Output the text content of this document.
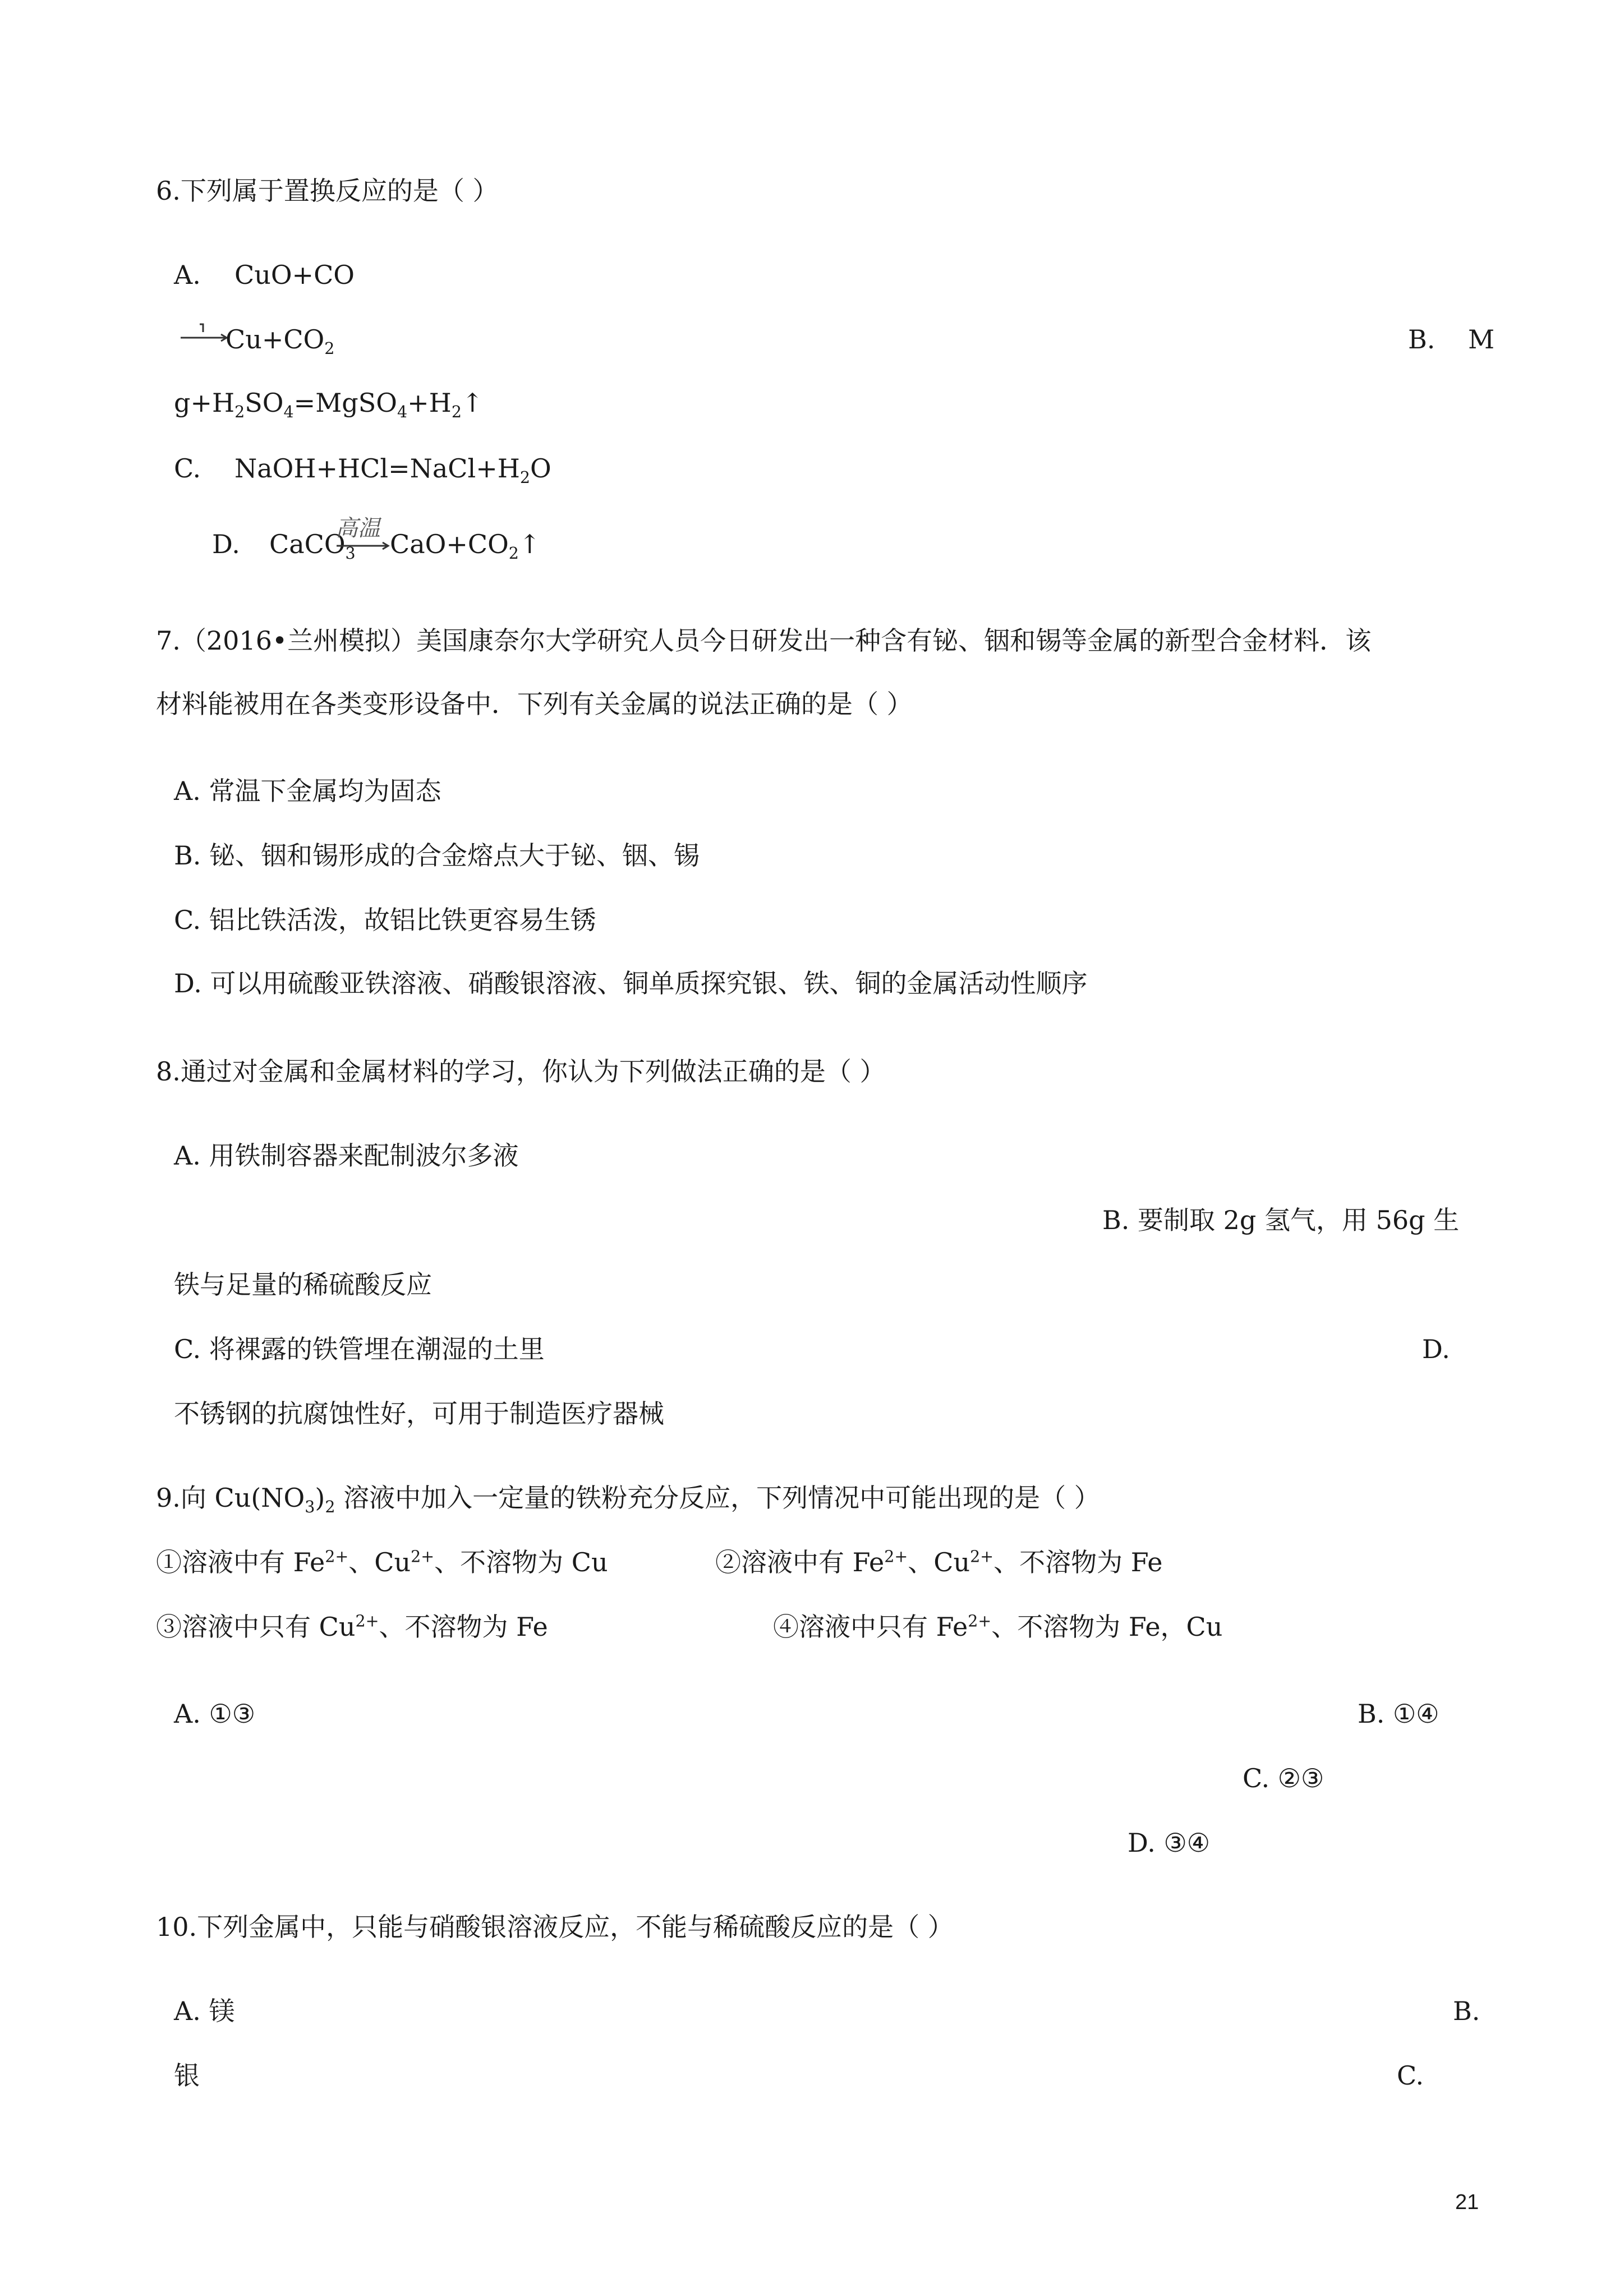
6.下列属于置换反应的是（ ）
A. CuO+CO
$Cu+CO_2$	B. M
$g+H_2SO_4=MgSO_4+H_2↑$
C. $NaOH+HCl=NaCl+H_2O$
D. CaCO$_3$
高温
$CaO+CO_2↑$
7.（2016•兰州模拟）美国康奈尔大学研究人员今日研发出一种含有铋、铟和锡等金属的新型合金材料．该
材料能被用在各类变形设备中．下列有关金属的说法正确的是（ ）
A. 常温下金属均为固态
B. 铋、铟和锡形成的合金熔点大于铋、铟、锡
C. 铝比铁活泼，故铝比铁更容易生锈
D. 可以用硫酸亚铁溶液、硝酸银溶液、铜单质探究银、铁、铜的金属活动性顺序
8.通过对金属和金属材料的学习，你认为下列做法正确的是（ ）
A. 用铁制容器来配制波尔多液
B. 要制取 2g 氢气，用 56g 生
铁与足量的稀硫酸反应
C. 将裸露的铁管埋在潮湿的土里	D.
不锈钢的抗腐蚀性好，可用于制造医疗器械
9.向 $Cu(NO_3)_2$ 溶液中加入一定量的铁粉充分反应，下列情况中可能出现的是（ ）
①溶液中有 $Fe^{2+}$、$Cu^{2+}$、不溶物为 Cu	②溶液中有 $Fe^{2+}$、$Cu^{2+}$、不溶物为 Fe
③溶液中只有 $Cu^{2+}$、不溶物为 Fe	④溶液中只有 $Fe^{2+}$、不溶物为 Fe，Cu
A. ①③	B. ①④
C. ②③
D. ③④
10.下列金属中，只能与硝酸银溶液反应，不能与稀硫酸反应的是（ ）
A. 镁	B.
银	C.
21
